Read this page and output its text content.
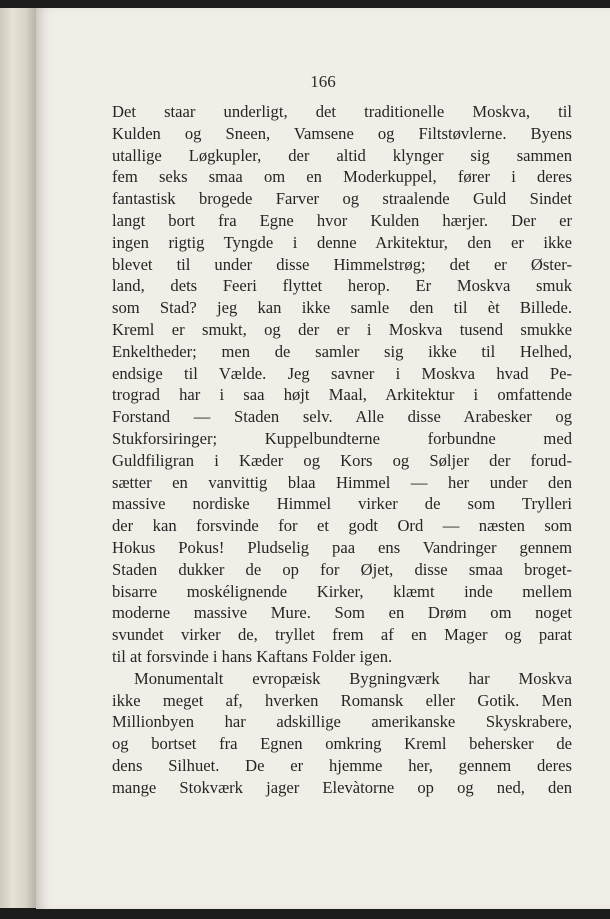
166
Det staar underligt, det traditionelle Moskva, til
Kulden og Sneen, Vamsene og Filtstøvlerne. Byens
utallige Løgkupler, der altid klynger sig sammen
fem seks smaa om en Moderkuppel, fører i deres
fantastisk brogede Farver og straalende Guld Sindet
langt bort fra Egne hvor Kulden hærjer. Der er
ingen rigtig Tyngde i denne Arkitektur, den er ikke
blevet til under disse Himmelstrøg; det er Øster-
land, dets Feeri flyttet herop. Er Moskva smuk
som Stad? jeg kan ikke samle den til èt Billede.
Kreml er smukt, og der er i Moskva tusend smukke
Enkeltheder; men de samler sig ikke til Helhed,
endsige til Vælde. Jeg savner i Moskva hvad Pe-
trograd har i saa højt Maal, Arkitektur i omfattende
Forstand — Staden selv. Alle disse Arabesker og
Stukforsiringer; Kuppelbundterne forbundne med
Guldfiligran i Kæder og Kors og Søljer der forud-
sætter en vanvittig blaa Himmel — her under den
massive nordiske Himmel virker de som Trylleri
der kan forsvinde for et godt Ord — næsten som
Hokus Pokus! Pludselig paa ens Vandringer gennem
Staden dukker de op for Øjet, disse smaa broget-
bisarre moskélignende Kirker, klæmt inde mellem
moderne massive Mure. Som en Drøm om noget
svundet virker de, tryllet frem af en Mager og parat
til at forsvinde i hans Kaftans Folder igen.
Monumentalt evropæisk Bygningværk har Moskva
ikke meget af, hverken Romansk eller Gotik. Men
Millionbyen har adskillige amerikanske Skyskrabere,
og bortset fra Egnen omkring Kreml behersker de
dens Silhuet. De er hjemme her, gennem deres
mange Stokværk jager Elevàtorne op og ned, den
